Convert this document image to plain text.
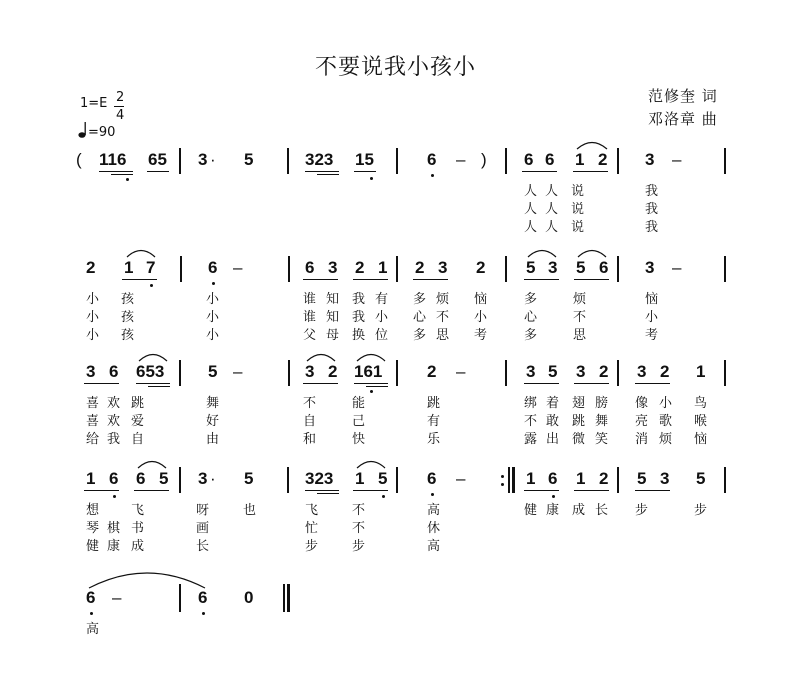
不要说我小孩小
范修奎 词
邓洛章 曲
1=E 2
4
=90
( 116 65 3 · 5	323 15	6 – ) 6 6 1 2 3 –
人 人 说	我
人 人 说	我
人 人 说	我
2 1 7	6 –	6 3 2 1 2 3 2 5 3 5 6 3 –
小 孩	小	谁 知 我 有 多 烦 恼	多	烦	恼
小 孩	小	谁 知 我 小 心 不 小	心	不	小
小 孩	小	父 母 换 位 多 思 考	多	思	考
3 6 653	5 –	3 2 161	2 –	3 5 3 2 3 2 1
喜 欢 跳	舞	不	能	跳	绑 着 翅 膀 像 小 鸟
喜 欢 爱	好	自	己	有	不 敢 跳 舞 亮 歌 喉
给 我 自	由	和	快	乐	露 出 微 笑 消 烦 恼
1 6 6 5 3 · 5	323 1 5 6 –	1 6 1 2 5 3 5
想 飞	呀	也	飞	不	高	健 康 成 长 步	步
琴 棋 书	画	忙	不	休
健 康 成	长	步	步	高
6 –	6 0
高
